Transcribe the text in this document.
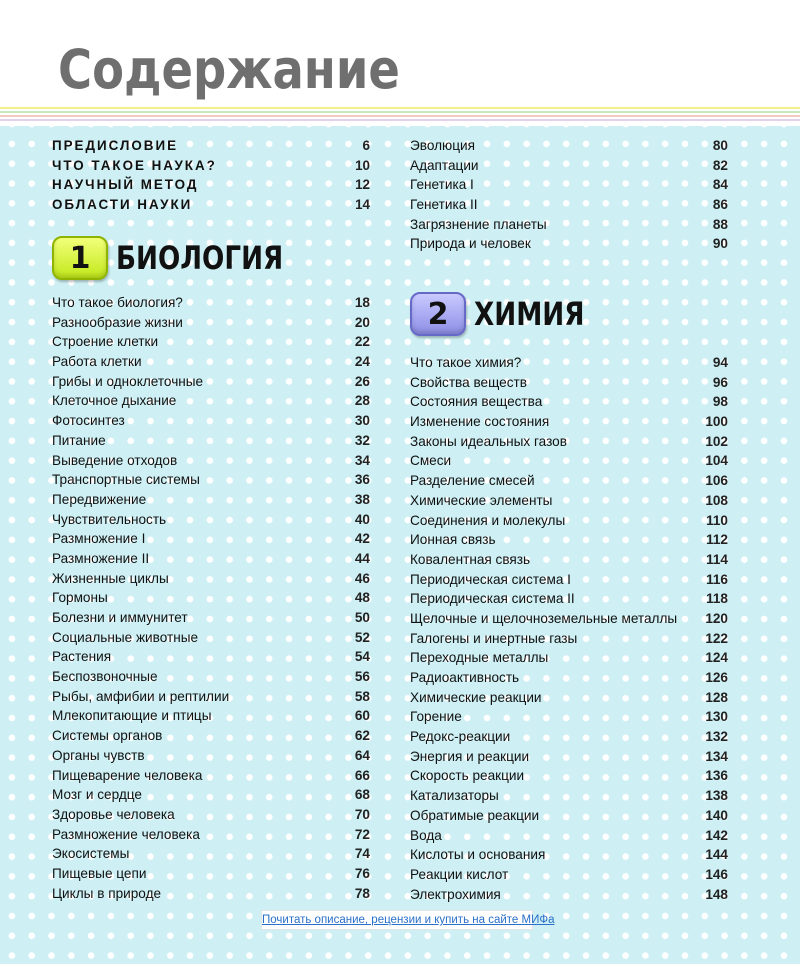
Содержание
ПРЕДИСЛОВИЕ	6
ЧТО ТАКОЕ НАУКА?	10
НАУЧНЫЙ МЕТОД	12
ОБЛАСТИ НАУКИ	14
1 БИОЛОГИЯ
Что такое биология?	18
Разнообразие жизни	20
Строение клетки	22
Работа клетки	24
Грибы и одноклеточные	26
Клеточное дыхание	28
Фотосинтез	30
Питание	32
Выведение отходов	34
Транспортные системы	36
Передвижение	38
Чувствительность	40
Размножение I	42
Размножение II	44
Жизненные циклы	46
Гормоны	48
Болезни и иммунитет	50
Социальные животные	52
Растения	54
Беспозвоночные	56
Рыбы, амфибии и рептилии	58
Млекопитающие и птицы	60
Системы органов	62
Органы чувств	64
Пищеварение человека	66
Мозг и сердце	68
Здоровье человека	70
Размножение человека	72
Экосистемы	74
Пищевые цепи	76
Циклы в природе	78
Эволюция	80
Адаптации	82
Генетика I	84
Генетика II	86
Загрязнение планеты	88
Природа и человек	90
2 ХИМИЯ
Что такое химия?	94
Свойства веществ	96
Состояния вещества	98
Изменение состояния	100
Законы идеальных газов	102
Смеси	104
Разделение смесей	106
Химические элементы	108
Соединения и молекулы	110
Ионная связь	112
Ковалентная связь	114
Периодическая система I	116
Периодическая система II	118
Щелочные и щелочноземельные металлы 120
Галогены и инертные газы	122
Переходные металлы	124
Радиоактивность	126
Химические реакции	128
Горение	130
Редокс-реакции	132
Энергия и реакции	134
Скорость реакции	136
Катализаторы	138
Обратимые реакции	140
Вода	142
Кислоты и основания	144
Реакции кислот	146
Электрохимия	148
Почитать описание, рецензии и купить на сайте МИФа
